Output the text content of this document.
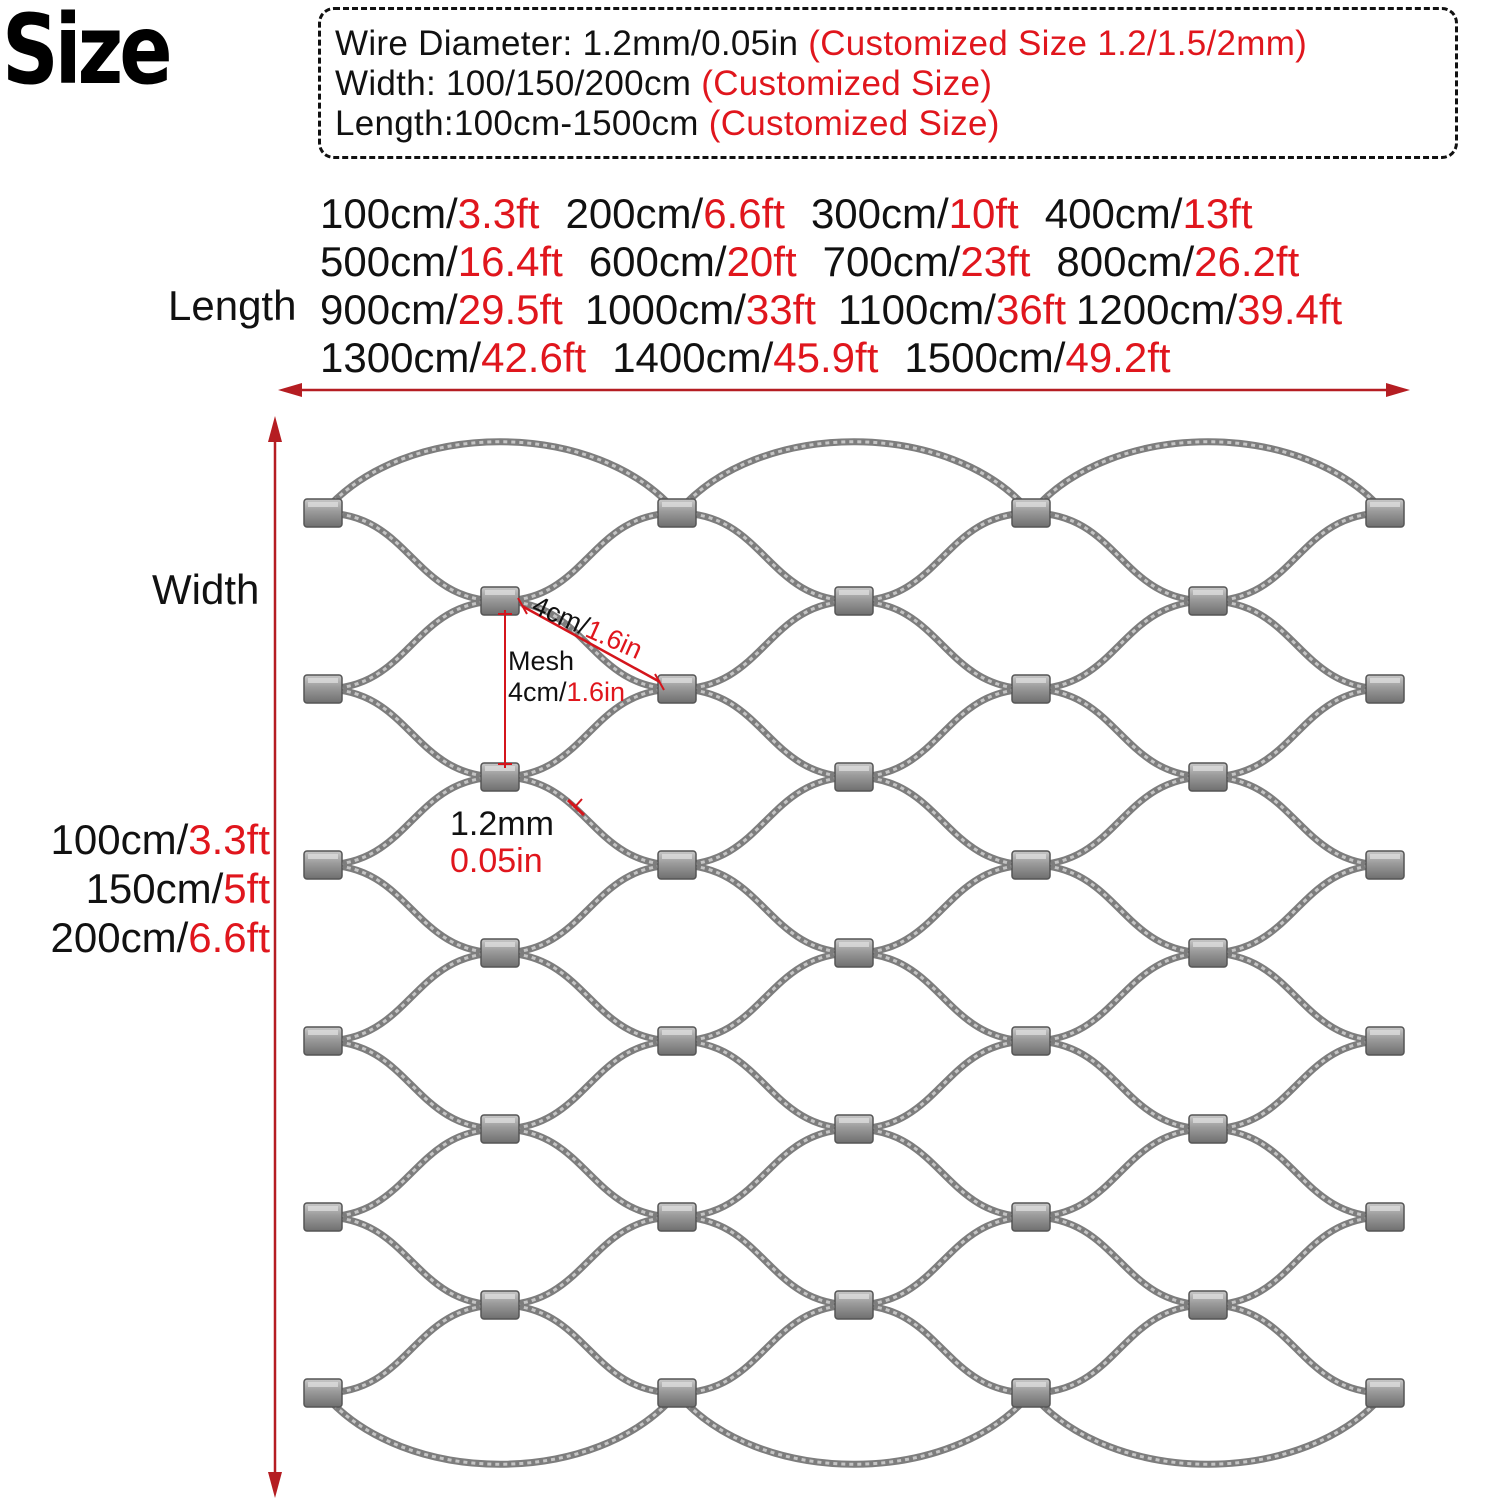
Size	Wire Diameter: 1.2mm/0.05in (Customized Size 1.2/1.5/2mm)
Width: 100/150/200cm (Customized Size)
Length:100cm-1500cm (Customized Size)
Length
100cm/3.3ft 200cm/6.6ft 300cm/10ft 400cm/13ft
500cm/16.4ft 600cm/20ft 700cm/23ft 800cm/26.2ft
900cm/29.5ft 1000cm/33ft 1100cm/36ft 1200cm/39.4ft
1300cm/42.6ft 1400cm/45.9ft 1500cm/49.2ft
Width
100cm/3.3ft
150cm/5ft
200cm/6.6ft
4cm/1.6in
Mesh
4cm/1.6in
1.2mm
0.05in
